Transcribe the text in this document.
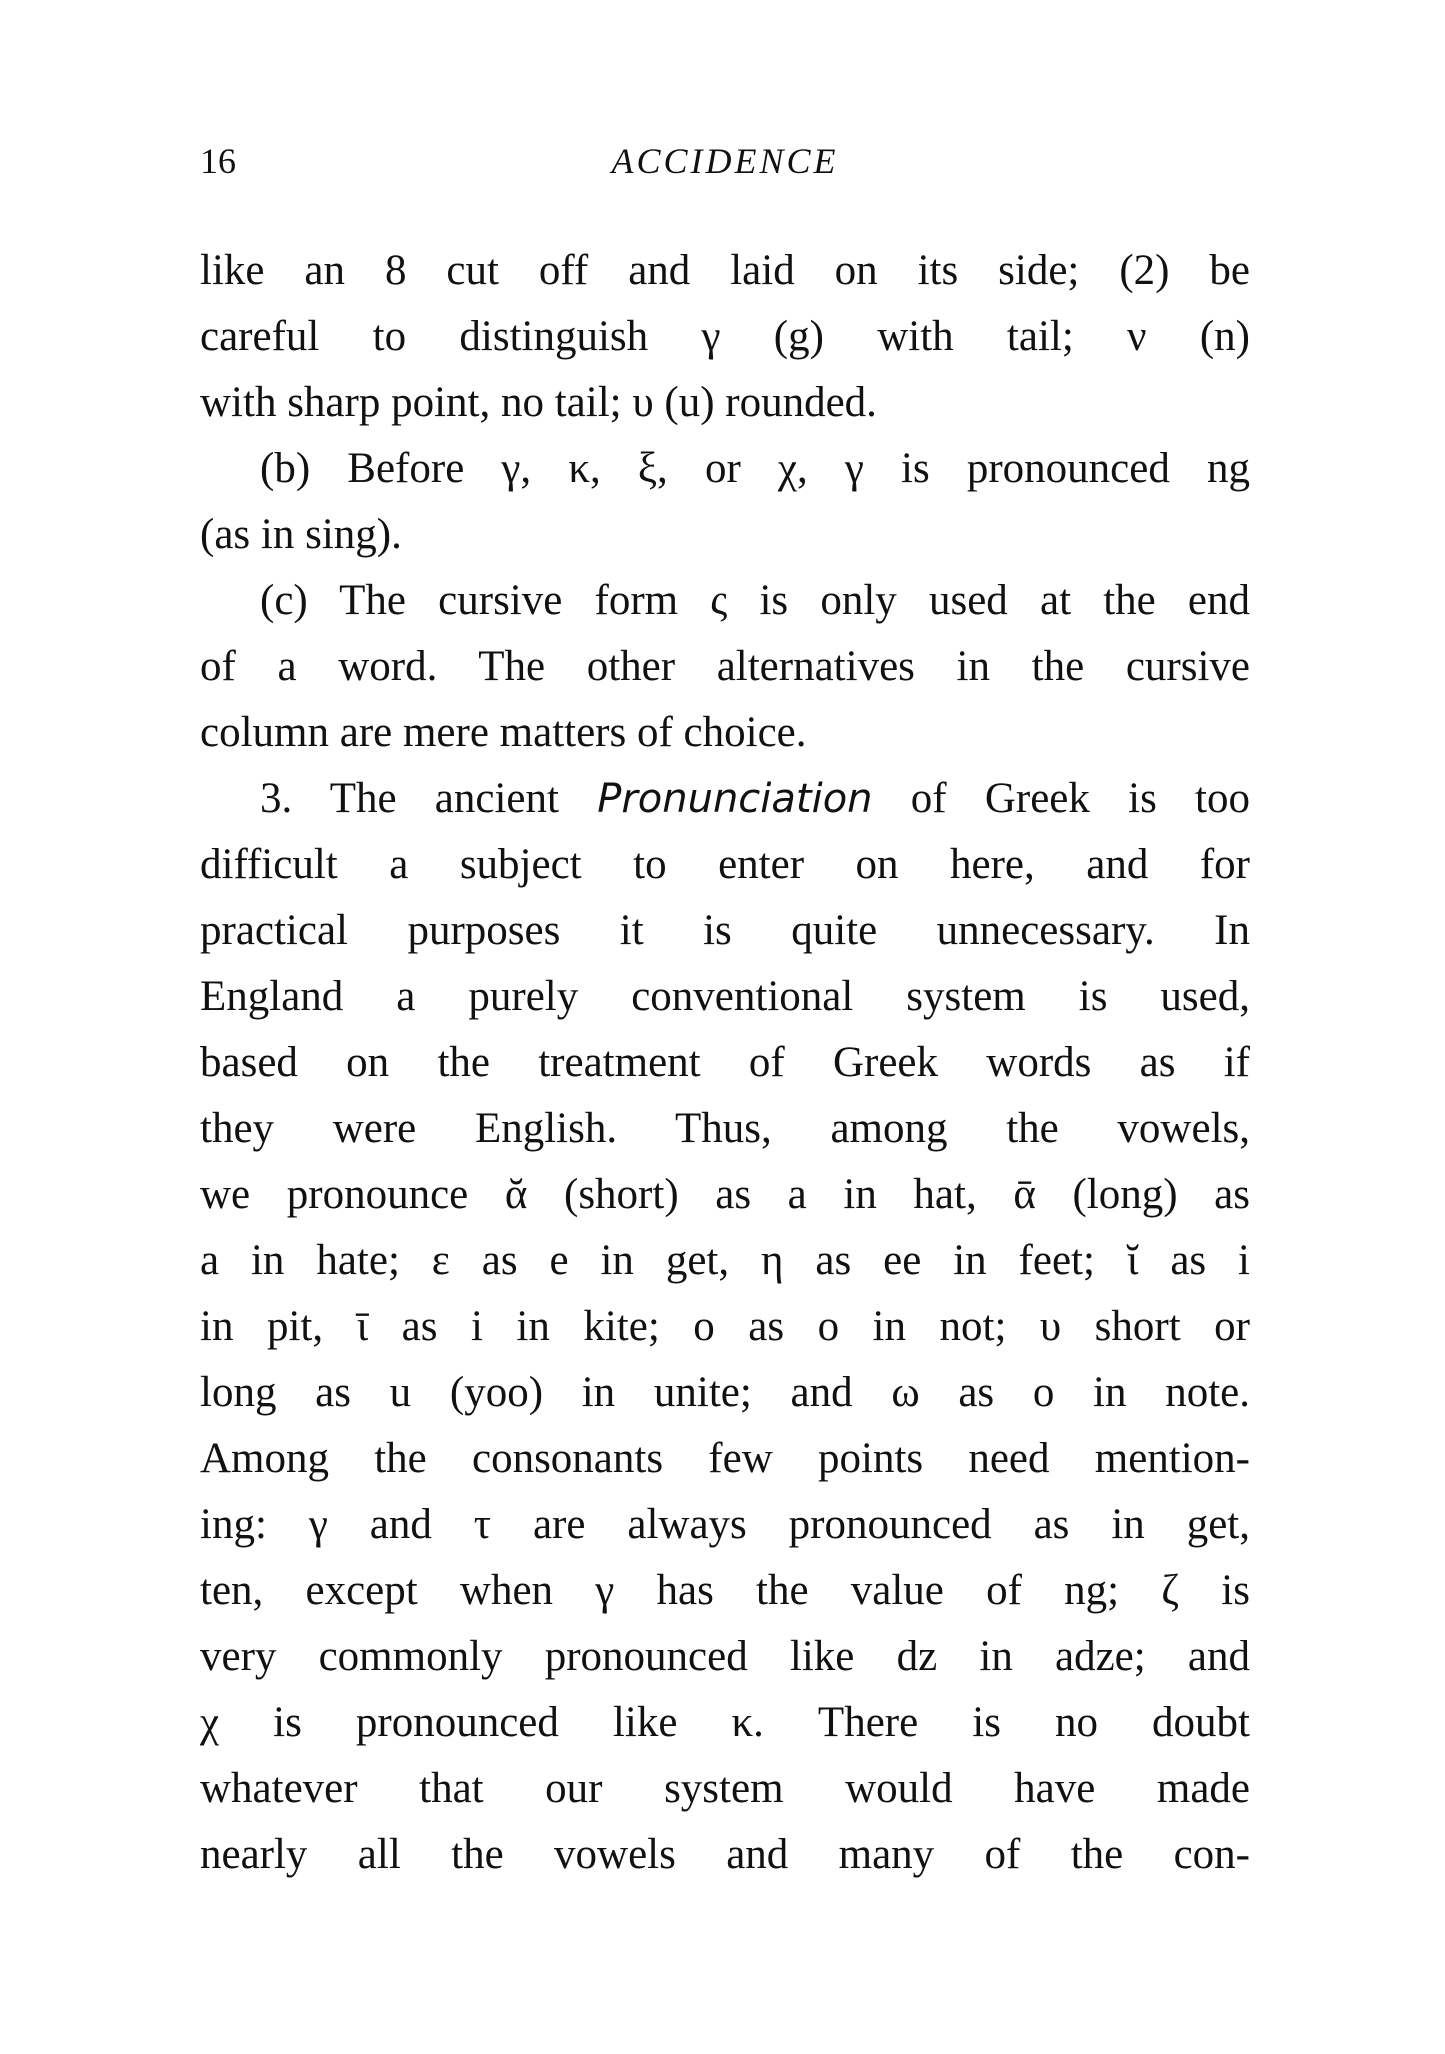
16	ACCIDENCE
like an 8 cut off and laid on its side; (2) be
careful to distinguish γ (g) with tail; ν (n)
with sharp point, no tail; υ (u) rounded.
(b) Before γ, κ, ξ, or χ, γ is pronounced ng
(as in sing).
(c) The cursive form ς is only used at the end
of a word. The other alternatives in the cursive
column are mere matters of choice.
3. The ancient Pronunciation of Greek is too
difficult a subject to enter on here, and for
practical purposes it is quite unnecessary. In
England a purely conventional system is used,
based on the treatment of Greek words as if
they were English. Thus, among the vowels,
we pronounce ᾰ (short) as a in hat, ᾱ (long) as
a in hate; ε as e in get, η as ee in feet; ῐ as i
in pit, ῑ as i in kite; ο as o in not; υ short or
long as u (yoo) in unite; and ω as o in note.
Among the consonants few points need mention-
ing: γ and τ are always pronounced as in get,
ten, except when γ has the value of ng; ζ is
very commonly pronounced like dz in adze; and
χ is pronounced like κ. There is no doubt
whatever that our system would have made
nearly all the vowels and many of the con-
